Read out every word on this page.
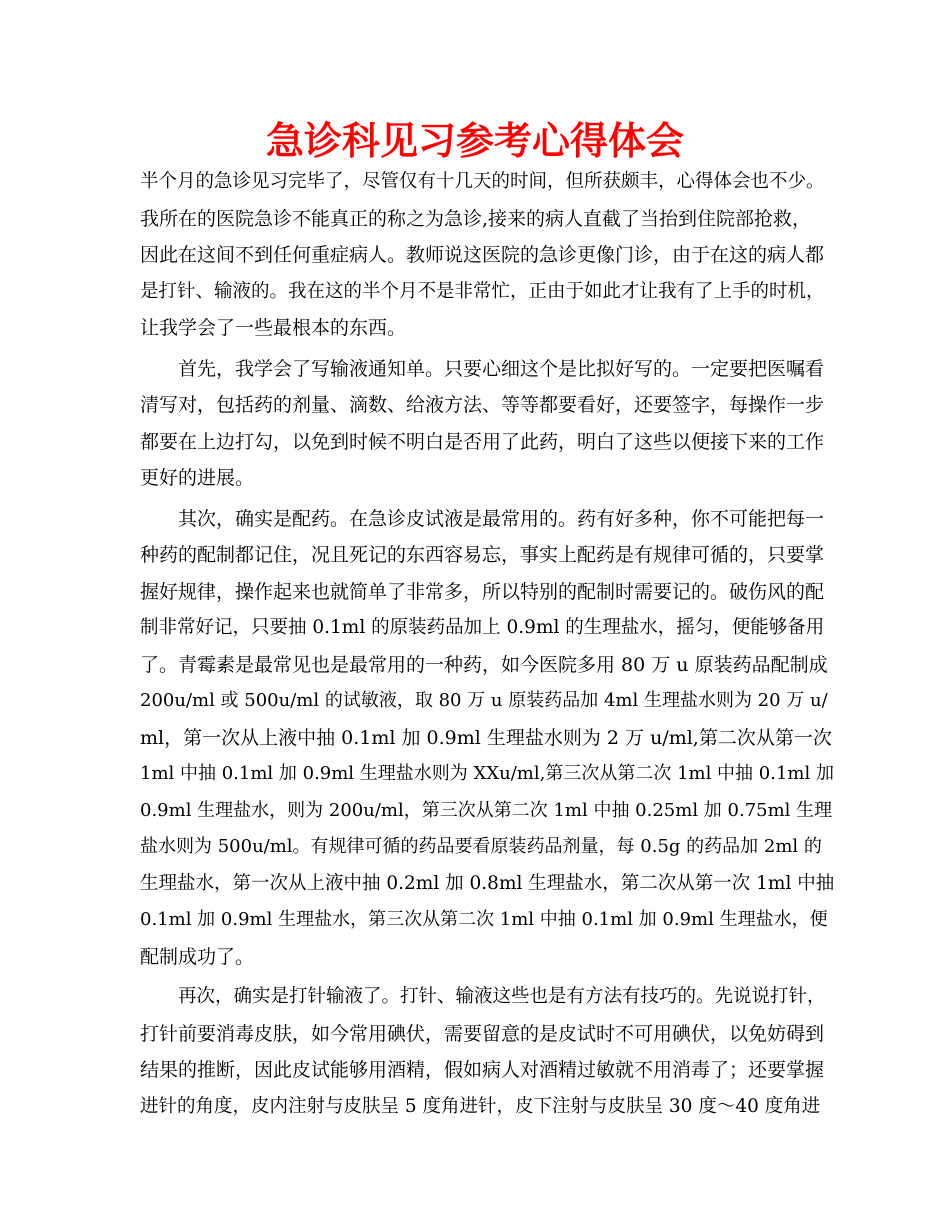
急诊科见习参考心得体会
半个月的急诊见习完毕了，尽管仅有十几天的时间，但所获颇丰，心得体会也不少。
我所在的医院急诊不能真正的称之为急诊,接来的病人直截了当抬到住院部抢救，
因此在这间不到任何重症病人。教师说这医院的急诊更像门诊，由于在这的病人都
是打针、输液的。我在这的半个月不是非常忙，正由于如此才让我有了上手的时机，
让我学会了一些最根本的东西。
首先，我学会了写输液通知单。只要心细这个是比拟好写的。一定要把医嘱看
清写对，包括药的剂量、滴数、给液方法、等等都要看好，还要签字，每操作一步
都要在上边打勾，以免到时候不明白是否用了此药，明白了这些以便接下来的工作
更好的进展。
其次，确实是配药。在急诊皮试液是最常用的。药有好多种，你不可能把每一
种药的配制都记住，况且死记的东西容易忘，事实上配药是有规律可循的，只要掌
握好规律，操作起来也就简单了非常多，所以特别的配制时需要记的。破伤风的配
制非常好记，只要抽 0.1ml 的原装药品加上 0.9ml 的生理盐水，摇匀，便能够备用
了。青霉素是最常见也是最常用的一种药，如今医院多用 80 万 u 原装药品配制成
200u/ml 或 500u/ml 的试敏液，取 80 万 u 原装药品加 4ml 生理盐水则为 20 万 u/
ml，第一次从上液中抽 0.1ml 加 0.9ml 生理盐水则为 2 万 u/ml,第二次从第一次
1ml 中抽 0.1ml 加 0.9ml 生理盐水则为 XXu/ml,第三次从第二次 1ml 中抽 0.1ml 加
0.9ml 生理盐水，则为 200u/ml，第三次从第二次 1ml 中抽 0.25ml 加 0.75ml 生理
盐水则为 500u/ml。有规律可循的药品要看原装药品剂量，每 0.5g 的药品加 2ml 的
生理盐水，第一次从上液中抽 0.2ml 加 0.8ml 生理盐水，第二次从第一次 1ml 中抽
0.1ml 加 0.9ml 生理盐水，第三次从第二次 1ml 中抽 0.1ml 加 0.9ml 生理盐水，便
配制成功了。
再次，确实是打针输液了。打针、输液这些也是有方法有技巧的。先说说打针，
打针前要消毒皮肤，如今常用碘伏，需要留意的是皮试时不可用碘伏，以免妨碍到
结果的推断，因此皮试能够用酒精，假如病人对酒精过敏就不用消毒了；还要掌握
进针的角度，皮内注射与皮肤呈 5 度角进针，皮下注射与皮肤呈 30 度～40 度角进
